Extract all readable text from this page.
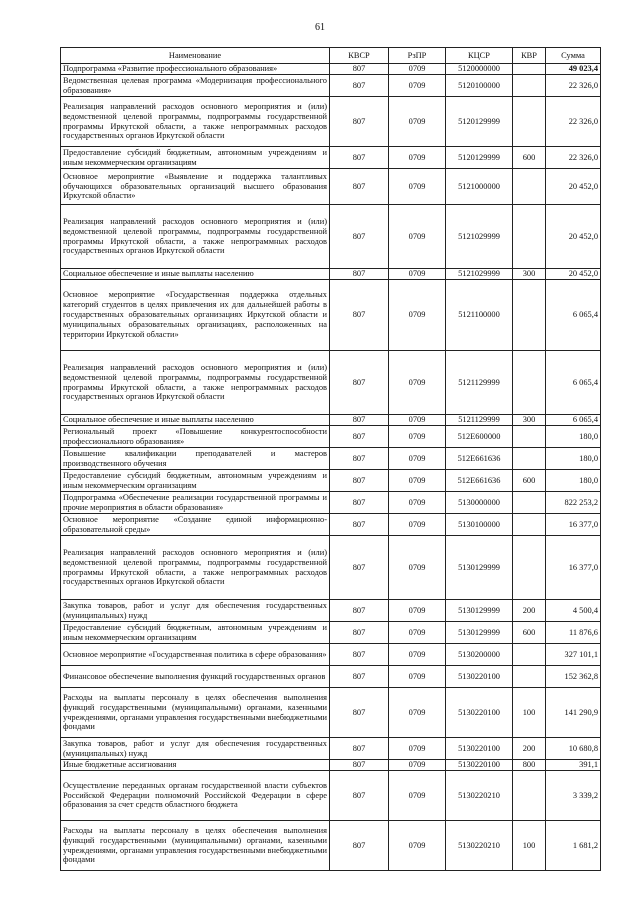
61
Наименование	КВСР	РзПР	КЦСР	КВР	Сумма
Подпрограмма «Развитие профессионального образования»	807	0709	5120000000		49 023,4
Ведомственная целевая программа «Модернизация профессионального образования»	807	0709	5120100000		22 326,0
Реализация направлений расходов основного мероприятия и (или) ведомственной целевой программы, подпрограммы государственной программы Иркутской области, а также непрограммных расходов государственных органов Иркутской области	807	0709	5120129999		22 326,0
Предоставление субсидий бюджетным, автономным учреждениям и иным некоммерческим организациям	807	0709	5120129999	600	22 326,0
Основное мероприятие «Выявление и поддержка талантливых обучающихся образовательных организаций высшего образования Иркутской области»	807	0709	5121000000		20 452,0
Реализация направлений расходов основного мероприятия и (или) ведомственной целевой программы, подпрограммы государственной программы Иркутской области, а также непрограммных расходов государственных органов Иркутской области	807	0709	5121029999		20 452,0
Социальное обеспечение и иные выплаты населению	807	0709	5121029999	300	20 452,0
Основное мероприятие «Государственная поддержка отдельных категорий студентов в целях привлечения их для дальнейшей работы в государственных образовательных организациях Иркутской области и муниципальных образовательных организациях, расположенных на территории Иркутской области»	807	0709	5121100000		6 065,4
Реализация направлений расходов основного мероприятия и (или) ведомственной целевой программы, подпрограммы государственной программы Иркутской области, а также непрограммных расходов государственных органов Иркутской области	807	0709	5121129999		6 065,4
Социальное обеспечение и иные выплаты населению	807	0709	5121129999	300	6 065,4
Региональный проект «Повышение конкурентоспособности профессионального образования»	807	0709	512E600000		180,0
Повышение квалификации преподавателей и мастеров производственного обучения	807	0709	512E661636		180,0
Предоставление субсидий бюджетным, автономным учреждениям и иным некоммерческим организациям	807	0709	512E661636	600	180,0
Подпрограмма «Обеспечение реализации государственной программы и прочие мероприятия в области образования»	807	0709	5130000000		822 253,2
Основное мероприятие «Создание единой информационно-образовательной среды»	807	0709	5130100000		16 377,0
Реализация направлений расходов основного мероприятия и (или) ведомственной целевой программы, подпрограммы государственной программы Иркутской области, а также непрограммных расходов государственных органов Иркутской области	807	0709	5130129999		16 377,0
Закупка товаров, работ и услуг для обеспечения государственных (муниципальных) нужд	807	0709	5130129999	200	4 500,4
Предоставление субсидий бюджетным, автономным учреждениям и иным некоммерческим организациям	807	0709	5130129999	600	11 876,6
Основное мероприятие «Государственная политика в сфере образования»	807	0709	5130200000		327 101,1
Финансовое обеспечение выполнения функций государственных органов	807	0709	5130220100		152 362,8
Расходы на выплаты персоналу в целях обеспечения выполнения функций государственными (муниципальными) органами, казенными учреждениями, органами управления государственными внебюджетными фондами	807	0709	5130220100	100	141 290,9
Закупка товаров, работ и услуг для обеспечения государственных (муниципальных) нужд	807	0709	5130220100	200	10 680,8
Иные бюджетные ассигнования	807	0709	5130220100	800	391,1
Осуществление переданных органам государственной власти субъектов Российской Федерации полномочий Российской Федерации в сфере образования за счет средств областного бюджета	807	0709	5130220210		3 339,2
Расходы на выплаты персоналу в целях обеспечения выполнения функций государственными (муниципальными) органами, казенными учреждениями, органами управления государственными внебюджетными фондами	807	0709	5130220210	100	1 681,2
